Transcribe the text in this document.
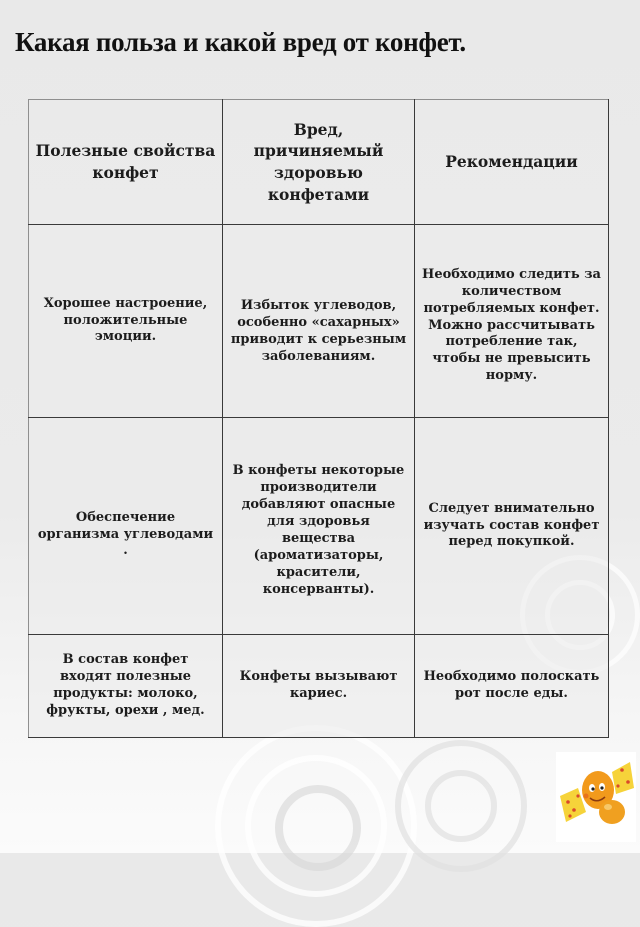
Какая польза и какой вред от конфет.
Полезные свойства конфет	Вред, причиняемый здоровью конфетами	Рекомендации
Хорошее настроение, положительные эмоции.	Избыток углеводов, особенно «сахарных» приводит к серьезным заболеваниям.	Необходимо следить за количеством потребляемых конфет. Можно рассчитывать потребление так, чтобы не превысить норму.
Обеспечение организма углеводами .	В конфеты некоторые производители добавляют опасные для здоровья вещества (ароматизаторы, красители, консерванты).	Следует внимательно изучать состав конфет перед покупкой.
В состав конфет входят полезные продукты: молоко, фрукты, орехи , мед.	Конфеты вызывают кариес.	Необходимо полоскать рот после еды.
